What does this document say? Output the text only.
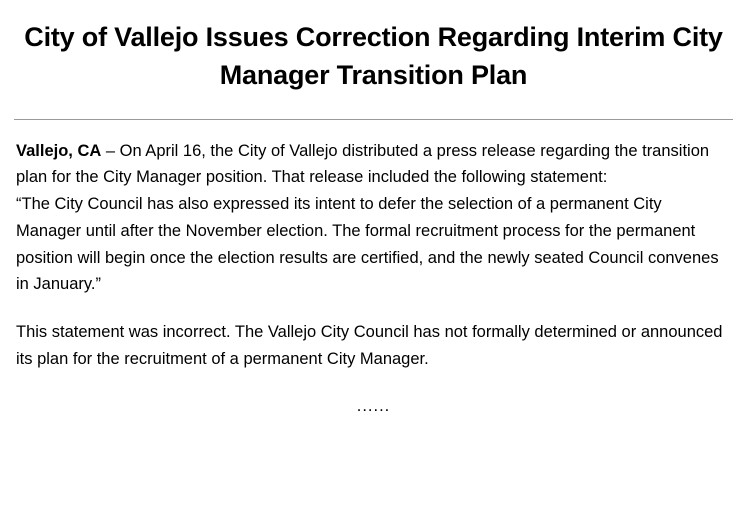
City of Vallejo Issues Correction Regarding Interim City Manager Transition Plan

Vallejo, CA – On April 16, the City of Vallejo distributed a press release regarding the transition plan for the City Manager position. That release included the following statement:

“The City Council has also expressed its intent to defer the selection of a permanent City Manager until after the November election. The formal recruitment process for the permanent position will begin once the election results are certified, and the newly seated Council convenes in January.”

This statement was incorrect. The Vallejo City Council has not formally determined or announced its plan for the recruitment of a permanent City Manager.

......
